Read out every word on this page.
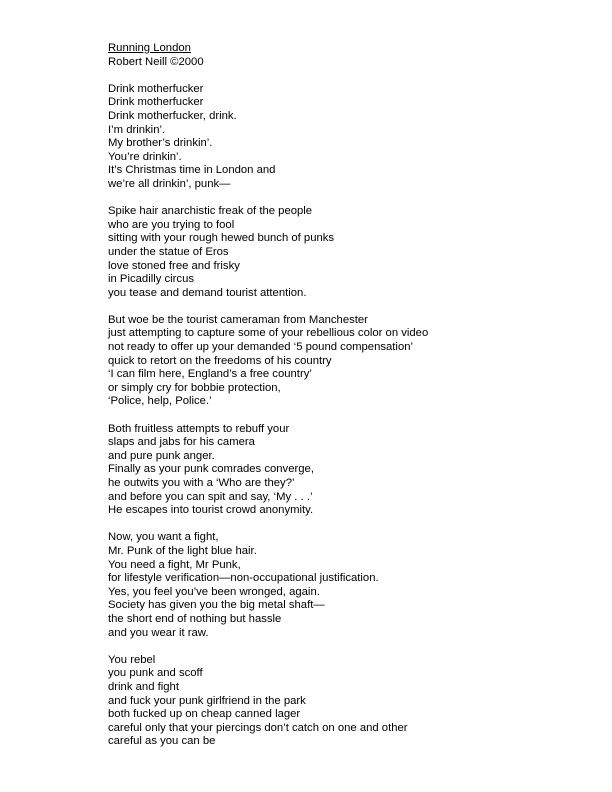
Running London
Robert Neill ©2000
Drink motherfucker
Drink motherfucker
Drink motherfucker, drink.
I’m drinkin’.
My brother’s drinkin’.
You’re drinkin’.
It’s Christmas time in London and
we’re all drinkin’, punk—
Spike hair anarchistic freak of the people
who are you trying to fool
sitting with your rough hewed bunch of punks
under the statue of Eros
love stoned free and frisky
in Picadilly circus
you tease and demand tourist attention.
But woe be the tourist cameraman from Manchester
just attempting to capture some of your rebellious color on video
not ready to offer up your demanded ‘5 pound compensation’
quick to retort on the freedoms of his country
‘I can film here, England’s a free country’
or simply cry for bobbie protection,
‘Police, help, Police.’
Both fruitless attempts to rebuff your
slaps and jabs for his camera
and pure punk anger.
Finally as your punk comrades converge,
he outwits you with a ‘Who are they?’
and before you can spit and say, ‘My . . .’
He escapes into tourist crowd anonymity.
Now, you want a fight,
Mr. Punk of the light blue hair.
You need a fight, Mr Punk,
for lifestyle verification—non-occupational justification.
Yes, you feel you’ve been wronged, again.
Society has given you the big metal shaft—
the short end of nothing but hassle
and you wear it raw.
You rebel
you punk and scoff
drink and fight
and fuck your punk girlfriend in the park
both fucked up on cheap canned lager
careful only that your piercings don’t catch on one and other
careful as you can be
